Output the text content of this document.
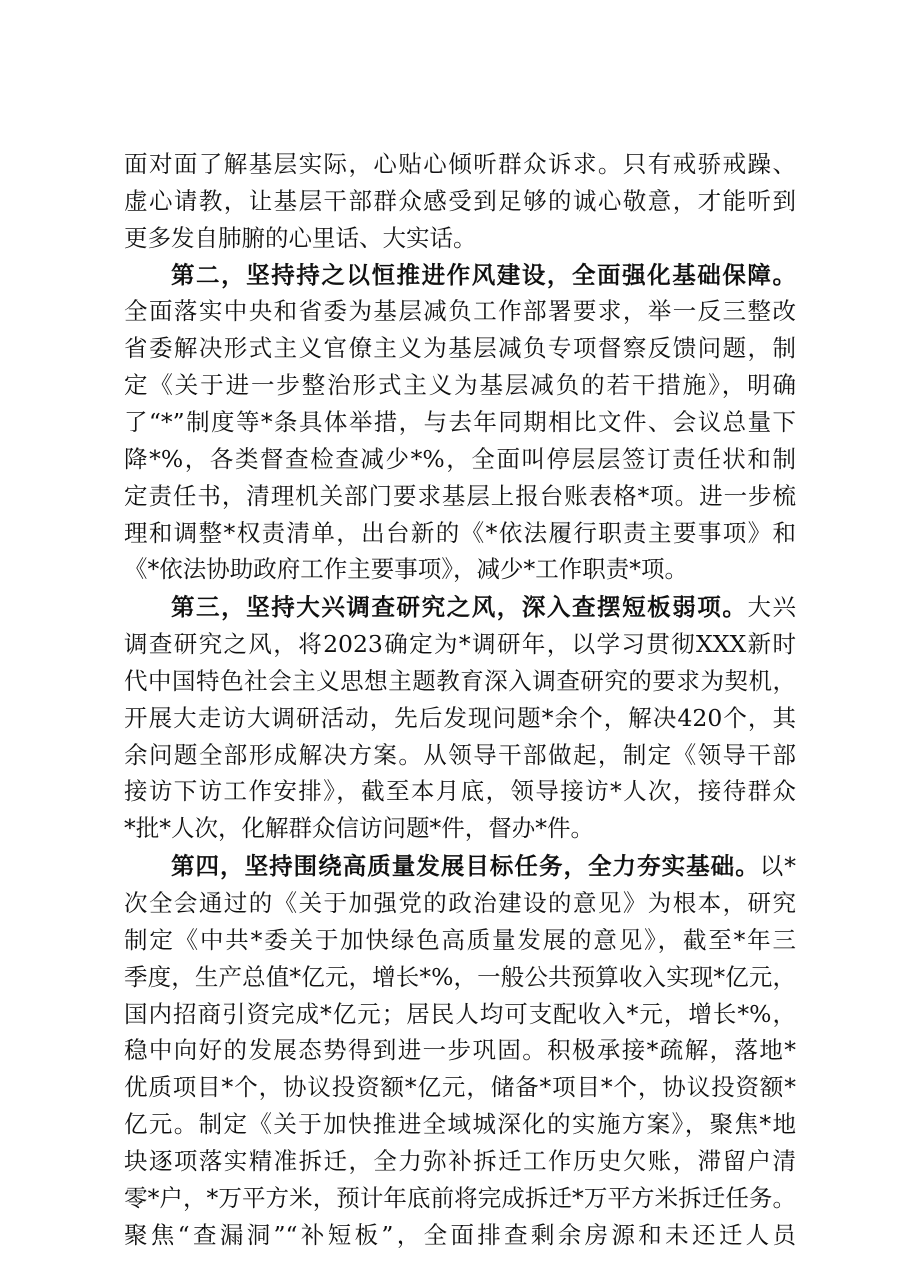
面对面了解基层实际，心贴心倾听群众诉求。只有戒骄戒躁、
虚心请教，让基层干部群众感受到足够的诚心敬意，才能听到
更多发自肺腑的心里话、大实话。
第二，坚持持之以恒推进作风建设，全面强化基础保障。
全面落实中央和省委为基层减负工作部署要求，举一反三整改
省委解决形式主义官僚主义为基层减负专项督察反馈问题，制
定《关于进一步整治形式主义为基层减负的若干措施》，明确
了“*”制度等*条具体举措，与去年同期相比文件、会议总量下
降*%，各类督查检查减少*%，全面叫停层层签订责任状和制
定责任书，清理机关部门要求基层上报台账表格*项。进一步梳
理和调整*权责清单，出台新的《*依法履行职责主要事项》和
《*依法协助政府工作主要事项》，减少*工作职责*项。
第三，坚持大兴调查研究之风，深入查摆短板弱项。大兴
调查研究之风，将2023确定为*调研年，以学习贯彻XXX新时
代中国特色社会主义思想主题教育深入调查研究的要求为契机，
开展大走访大调研活动，先后发现问题*余个，解决420个，其
余问题全部形成解决方案。从领导干部做起，制定《领导干部
接访下访工作安排》，截至本月底，领导接访*人次，接待群众
*批*人次，化解群众信访问题*件，督办*件。
第四，坚持围绕高质量发展目标任务，全力夯实基础。以*
次全会通过的《关于加强党的政治建设的意见》为根本，研究
制定《中共*委关于加快绿色高质量发展的意见》，截至*年三
季度，生产总值*亿元，增长*%，一般公共预算收入实现*亿元，
国内招商引资完成*亿元；居民人均可支配收入*元，增长*%，
稳中向好的发展态势得到进一步巩固。积极承接*疏解，落地*
优质项目*个，协议投资额*亿元，储备*项目*个，协议投资额*
亿元。制定《关于加快推进全域城深化的实施方案》，聚焦*地
块逐项落实精准拆迁，全力弥补拆迁工作历史欠账，滞留户清
零*户，*万平方米，预计年底前将完成拆迁*万平方米拆迁任务。
聚焦“查漏洞”“补短板”，全面排查剩余房源和未还迁人员
